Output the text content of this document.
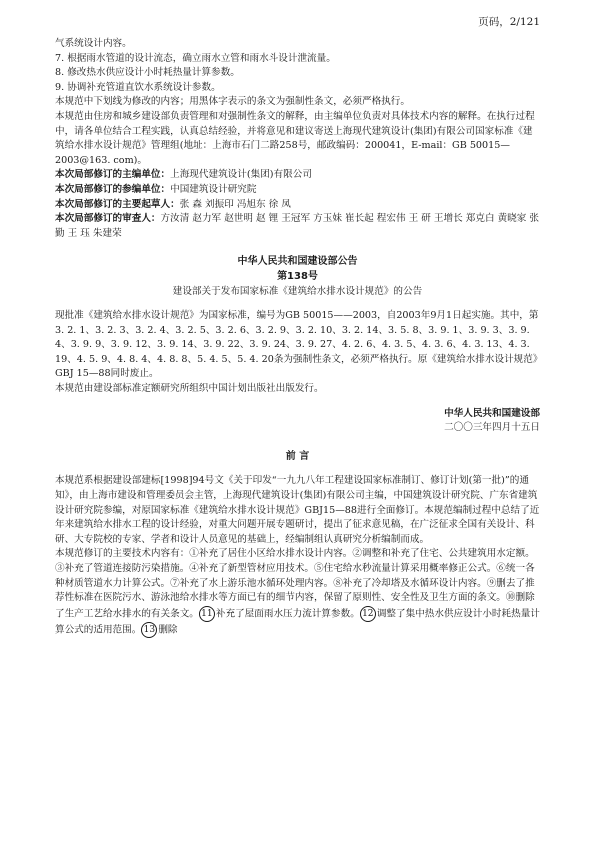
页码，2/121

气系统设计内容。

7. 根据雨水管道的设计流态，确立雨水立管和雨水斗设计泄流量。

8. 修改热水供应设计小时耗热量计算参数。

9. 协调补充管道直饮水系统设计参数。

本规范中下划线为修改的内容；用黑体字表示的条文为强制性条文，必须严格执行。

本规范由住房和城乡建设部负责管理和对强制性条文的解释，由主编单位负责对具体技术内容的解释。在执行过程中，请各单位结合工程实践，认真总结经验，并将意见和建议寄送上海现代建筑设计(集团)有限公司国家标准《建筑给水排水设计规范》管理组(地址：上海市石门二路258号，邮政编码：200041，E-mail：GB 50015—2003@163. com)。

本次局部修订的主编单位：上海现代建筑设计(集团)有限公司

本次局部修订的参编单位：中国建筑设计研究院

本次局部修订的主要起草人：张 森 刘振印 冯旭东 徐 凤

本次局部修订的审查人：方汝清 赵力军 赵世明 赵 锂 王冠军 方玉妹 崔长起 程宏伟 王 研 王增长 郑克白 黄晓家 张 勤 王 珏 朱建荣

中华人民共和国建设部公告

第138号

建设部关于发布国家标准《建筑给水排水设计规范》的公告

现批准《建筑给水排水设计规范》为国家标准，编号为GB 50015——2003，自2003年9月1日起实施。其中，第3. 2. 1、3. 2. 3、3. 2. 4、3. 2. 5、3. 2. 6、3. 2. 9、3. 2. 10、3. 2. 14、3. 5. 8、3. 9. 1、3. 9. 3、3. 9. 4、3. 9. 9、3. 9. 12、3. 9. 14、3. 9. 22、3. 9. 24、3. 9. 27、4. 2. 6、4. 3. 5、4. 3. 6、4. 3. 13、4. 3. 19、4. 5. 9、4. 8. 4、4. 8. 8、5. 4. 5、5. 4. 20条为强制性条文，必须严格执行。原《建筑给水排水设计规范》GBJ 15—88同时废止。

本规范由建设部标准定额研究所组织中国计划出版社出版发行。

中华人民共和国建设部

二〇〇三年四月十五日

前 言

本规范系根据建设部建标[1998]94号文《关于印发“一九九八年工程建设国家标准制订、修订计划(第一批)”的通知》，由上海市建设和管理委员会主管，上海现代建筑设计(集团)有限公司主编，中国建筑设计研究院、广东省建筑设计研究院参编，对原国家标准《建筑给水排水设计规范》GBJ15—88进行全面修订。本规范编制过程中总结了近年来建筑给水排水工程的设计经验，对重大问题开展专题研讨，提出了征求意见稿，在广泛征求全国有关设计、科研、大专院校的专家、学者和设计人员意见的基础上，经编制组认真研究分析编制而成。

本规范修订的主要技术内容有：①补充了居住小区给水排水设计内容。②调整和补充了住宅、公共建筑用水定额。③补充了管道连接防污染措施。④补充了新型管材应用技术。⑤住宅给水秒流量计算采用概率修正公式。⑥统一各种材质管道水力计算公式。⑦补充了水上游乐池水循环处理内容。⑧补充了冷却塔及水循环设计内容。⑨删去了推荐性标准在医院污水、游泳池给水排水等方面已有的细节内容，保留了原则性、安全性及卫生方面的条文。⑩删除了生产工艺给水排水的有关条文。 11 补充了屋面雨水压力流计算参数。 12 调整了集中热水供应设计小时耗热量计算公式的适用范围。 13 删除
